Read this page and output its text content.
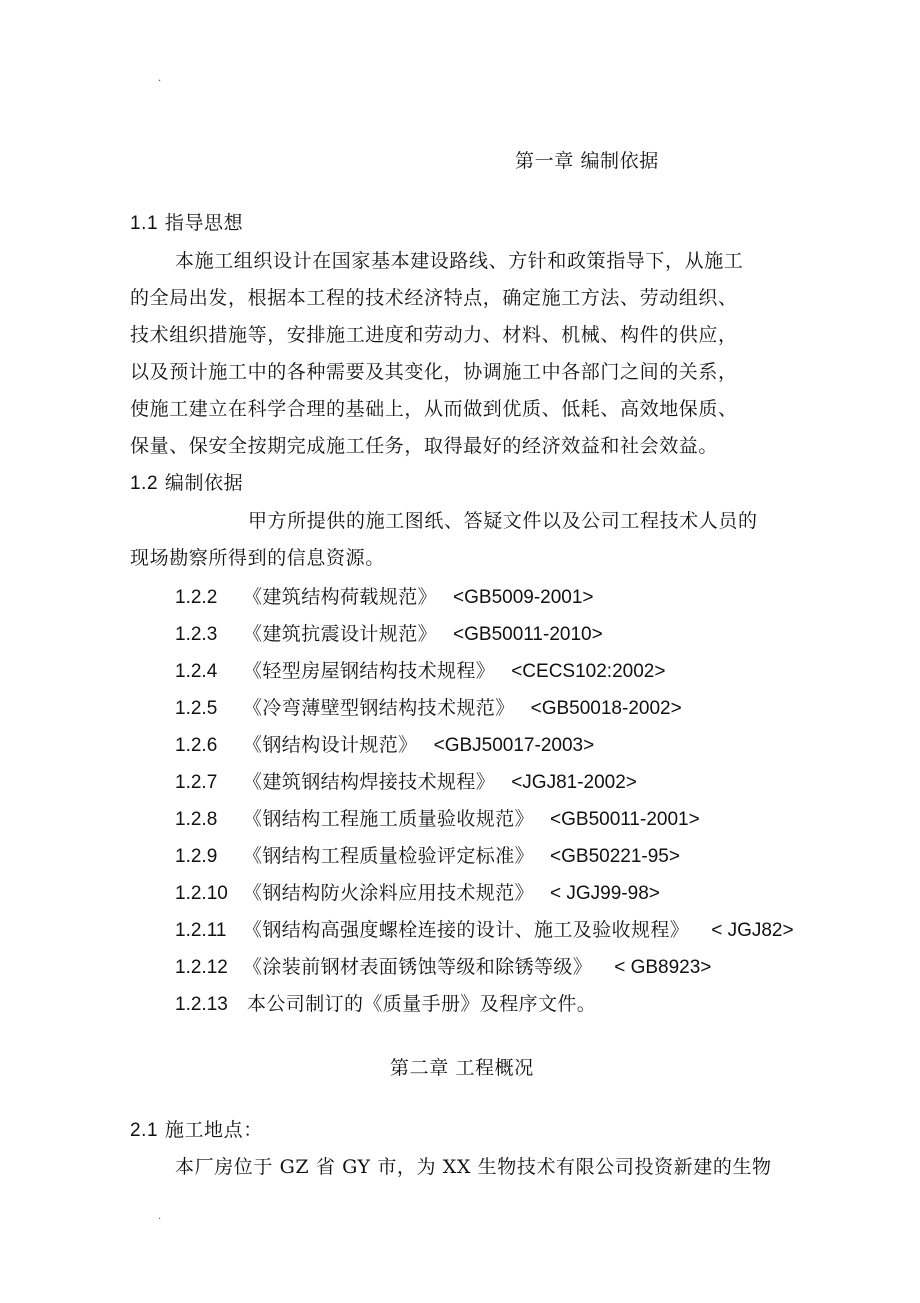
.
第一章 编制依据
1.1 指导思想
本施工组织设计在国家基本建设路线、方针和政策指导下，从施工
的全局出发，根据本工程的技术经济特点，确定施工方法、劳动组织、
技术组织措施等，安排施工进度和劳动力、材料、机械、构件的供应，
以及预计施工中的各种需要及其变化，协调施工中各部门之间的关系，
使施工建立在科学合理的基础上，从而做到优质、低耗、高效地保质、
保量、保安全按期完成施工任务，取得最好的经济效益和社会效益。
1.2 编制依据
甲方所提供的施工图纸、答疑文件以及公司工程技术人员的
现场勘察所得到的信息资源。
1.2.2 《建筑结构荷载规范》 <GB5009-2001>
1.2.3 《建筑抗震设计规范》 <GB50011-2010>
1.2.4 《轻型房屋钢结构技术规程》 <CECS102:2002>
1.2.5 《冷弯薄壁型钢结构技术规范》 <GB50018-2002>
1.2.6 《钢结构设计规范》 <GBJ50017-2003>
1.2.7 《建筑钢结构焊接技术规程》 <JGJ81-2002>
1.2.8 《钢结构工程施工质量验收规范》 <GB50011-2001>
1.2.9 《钢结构工程质量检验评定标准》 <GB50221-95>
1.2.10 《钢结构防火涂料应用技术规范》 < JGJ99-98>
1.2.11 《钢结构高强度螺栓连接的设计、施工及验收规程》 < JGJ82>
1.2.12 《涂装前钢材表面锈蚀等级和除锈等级》 < GB8923>
1.2.13 本公司制订的《质量手册》及程序文件。
第二章 工程概况
2.1 施工地点：
本厂房位于 GZ 省 GY 市，为 XX 生物技术有限公司投资新建的生物
.
